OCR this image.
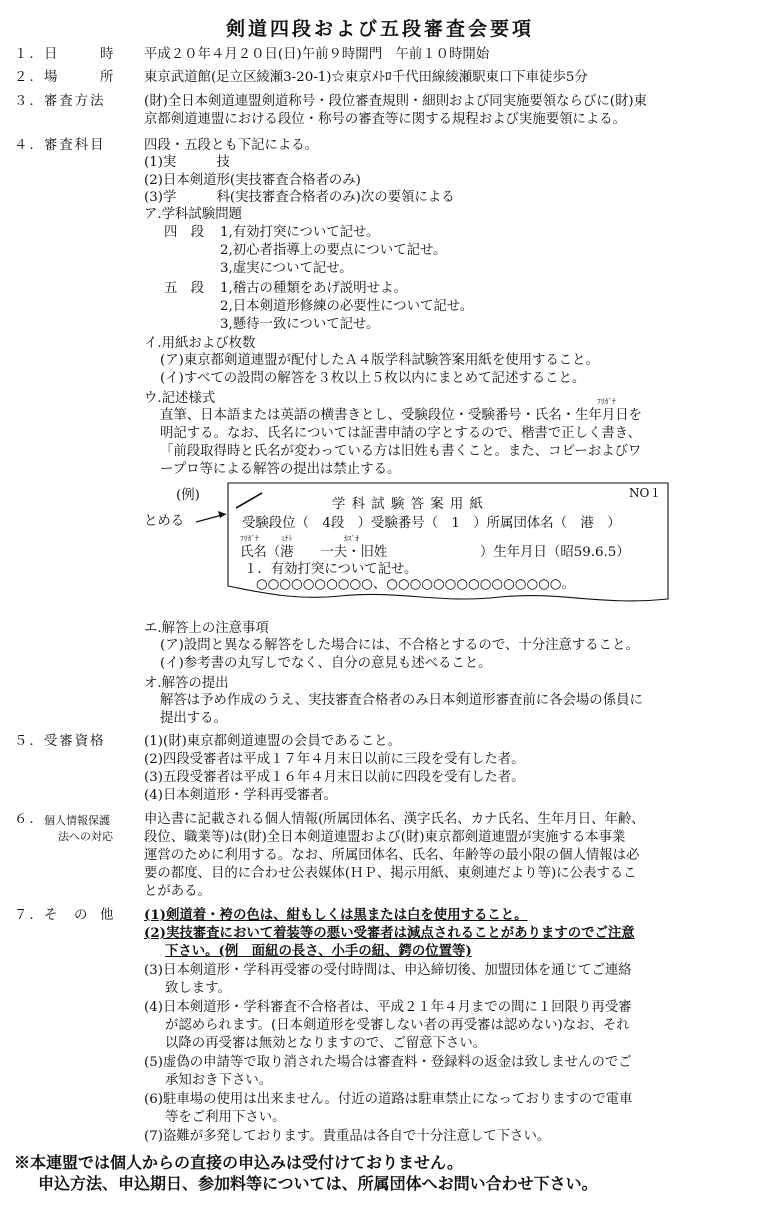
剣道四段および五段審査会要項
１. 日	時 平成２０年４月２０日(日)午前９時開門　午前１０時開始
２. 場	所 東京武道館(足立区綾瀬3-20-1)☆東京ﾒﾄﾛ千代田線綾瀬駅東口下車徒歩5分
３. 審査方法	(財)全日本剣道連盟剣道称号・段位審査規則・細則および同実施要領ならびに(財)東
京都剣道連盟における段位・称号の審査等に関する規程および実施要領による。
４. 審査科目	四段・五段とも下記による。
(1)実　　　技
(2)日本剣道形(実技審査合格者のみ)
(3)学　　　科(実技審査合格者のみ)次の要領による
ア.学科試験問題
四　段 1,有効打突について記せ。
2,初心者指導上の要点について記せ。
3,虚実について記せ。
五　段 1,稽古の種類をあげ説明せよ。
2,日本剣道形修練の必要性について記せ。
3,懸待一致について記せ。
イ.用紙および枚数
(ア)東京都剣道連盟が配付したＡ４版学科試験答案用紙を使用すること。
(イ)すべての設問の解答を３枚以上５枚以内にまとめて記述すること。
ウ.記述様式	ﾌﾘｶﾞﾅ
直筆、日本語または英語の横書きとし、受験段位・受験番号・氏名・生年月日を
明記する。なお、氏名については証書申請の字とするので、楷書で正しく書き、
「前段取得時と氏名が変わっている方は旧姓も書くこと。また、コピーおよびワ
ープロ等による解答の提出は禁止する。
(例)
とめる
NO１
学 科 試 験 答 案 用 紙
受験段位（　4段　）受験番号（　1　）所属団体名（　港　）
ﾌﾘｶﾞﾅ	ﾐﾅﾄ	ｶｽﾞｵ
氏名（港　　一夫・旧姓	）生年月日（昭59.6.5）
１．有効打突について記せ。
○○○○○○○○○○、○○○○○○○○○○○○○○○。
エ.解答上の注意事項
(ア)設問と異なる解答をした場合には、不合格とするので、十分注意すること。
(イ)参考書の丸写しでなく、自分の意見も述べること。
オ.解答の提出
解答は予め作成のうえ、実技審査合格者のみ日本剣道形審査前に各会場の係員に
提出する。
５. 受審資格	(1)(財)東京都剣道連盟の会員であること。
(2)四段受審者は平成１７年４月末日以前に三段を受有した者。
(3)五段受審者は平成１６年４月末日以前に四段を受有した者。
(4)日本剣道形・学科再受審者。
６. 個人情報保護
法への対応
申込書に記載される個人情報(所属団体名、漢字氏名、カナ氏名、生年月日、年齢、
段位、職業等)は(財)全日本剣道連盟および(財)東京都剣道連盟が実施する本事業
運営のために利用する。なお、所属団体名、氏名、年齢等の最小限の個人情報は必
要の都度、目的に合わせ公表媒体(ＨＰ、掲示用紙、東剣連だより等)に公表するこ
とがある。
７. そ の 他 (1)剣道着・袴の色は、紺もしくは黒または白を使用すること。
(2)実技審査において着装等の悪い受審者は減点されることがありますのでご注意
下さい。(例　面紐の長さ、小手の紐、鍔の位置等)
(3)日本剣道形・学科再受審の受付時間は、申込締切後、加盟団体を通じてご連絡
致します。
(4)日本剣道形・学科審査不合格者は、平成２１年４月までの間に１回限り再受審
が認められます。(日本剣道形を受審しない者の再受審は認めない)なお、それ
以降の再受審は無効となりますので、ご留意下さい。
(5)虚偽の申請等で取り消された場合は審査料・登録料の返金は致しませんのでご
承知おき下さい。
(6)駐車場の使用は出来ません。付近の道路は駐車禁止になっておりますので電車
等をご利用下さい。
(7)盗難が多発しております。貴重品は各自で十分注意して下さい。
※本連盟では個人からの直接の申込みは受付けておりません。
申込方法、申込期日、参加料等については、所属団体へお問い合わせ下さい。
